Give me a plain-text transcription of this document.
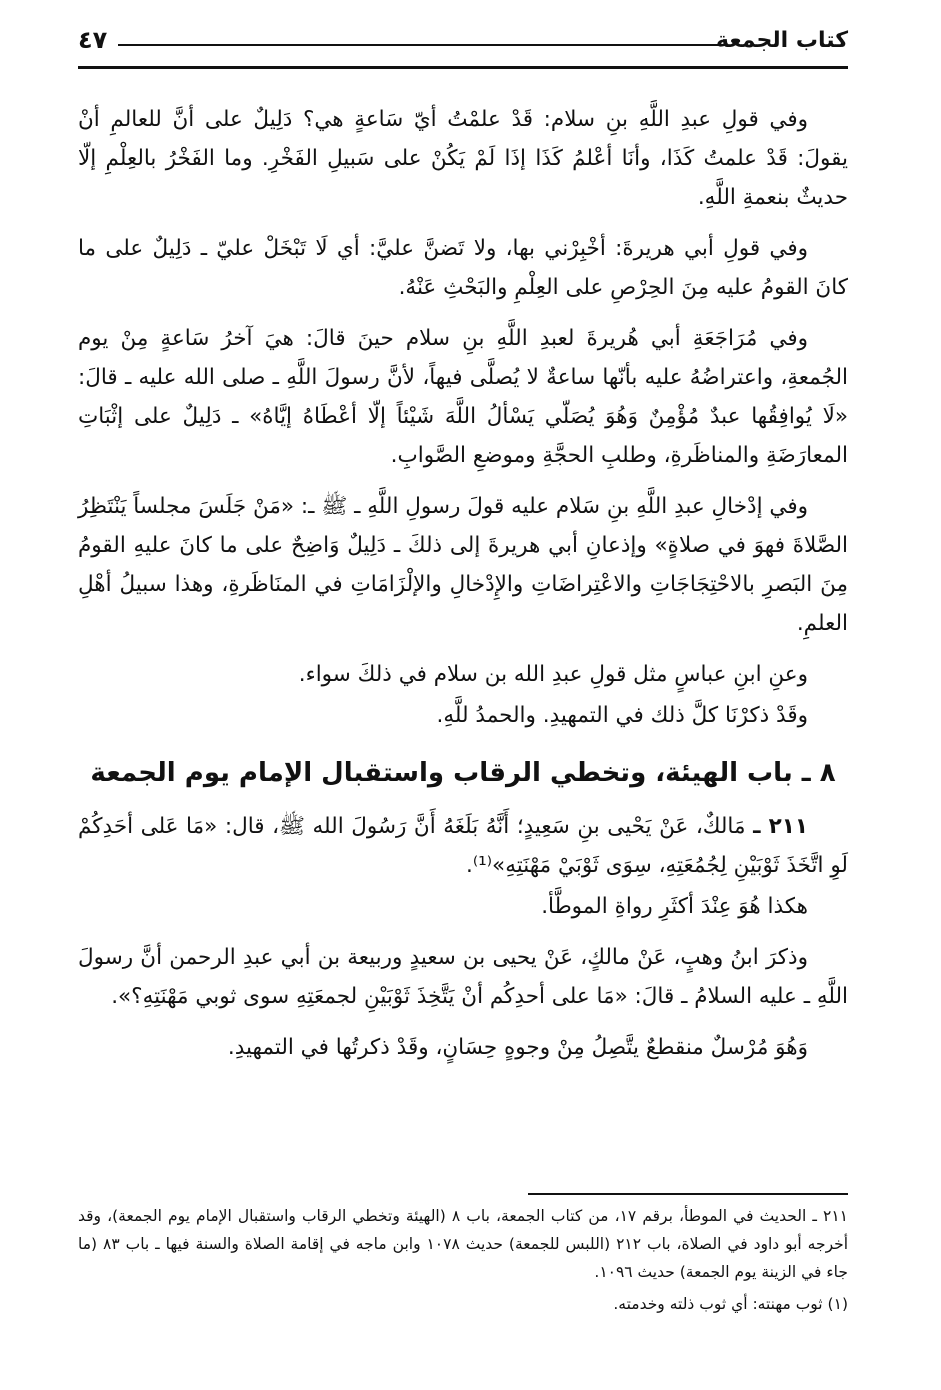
٤٧	كتاب الجمعة

وفي قولِ عبدِ اللَّهِ بنِ سلام: قَدْ علمْتُ أيّ سَاعةٍ هي؟ دَلِيلٌ على أنَّ للعالمِ أنْ يقولَ: قَدْ علمتُ كَذَا، وأنَا أعْلمُ كَذَا إذَا لَمْ يَكُنْ على سَبيلِ الفَخْرِ. وما الفَخْرُ بالعِلْمِ إلّا حديثٌ بنعمةِ اللَّهِ.

وفي قولِ أبي هريرةَ: أخْبِرْني بها، ولا تَضنَّ عليَّ: أي لَا تَبْخَلْ عليّ ـ دَلِيلٌ على ما كانَ القومُ عليه مِنَ الحِرْصِ على العِلْمِ والبَحْثِ عَنْهُ.

وفي مُرَاجَعَةِ أبي هُريرةَ لعبدِ اللَّهِ بنِ سلام حينَ قالَ: هيَ آخرُ سَاعةٍ مِنْ يوم الجُمعةِ، واعتراضُهُ عليه بأنّها ساعةٌ لا يُصلَّى فيهاً، لأنَّ رسولَ اللَّهِ ـ صلى الله عليه ـ قالَ: «لَا يُوافِقُها عبدٌ مُؤْمِنٌ وَهُوَ يُصَلّي يَسْألُ اللَّهَ شَيْئاً إلّا أعْطَاهُ إيَّاهُ» ـ دَلِيلٌ على إثْبَاتِ المعارَضَةِ والمناظَرةِ، وطلبِ الحجَّةِ وموضعِ الصَّوابِ.

وفي إدْخالِ عبدِ اللَّهِ بنِ سَلام عليه قولَ رسولِ اللَّهِ ـ ﷺ ـ: «مَنْ جَلَسَ مجلساً يَنْتَظِرُ الصَّلاةَ فهوَ في صلاةٍ» وإذعانِ أبي هريرةَ إلى ذلكَ ـ دَلِيلٌ وَاضِحٌ على ما كانَ عليهِ القومُ مِنَ البَصرِ بالاحْتِجَاجَاتِ والاعْتِراضَاتِ والإِدْخالِ والإلْزَامَاتِ في المنَاظَرةِ، وهذا سبيلُ أهْلِ العلمِ.

وعنِ ابنِ عباسٍ مثل قولِ عبدِ الله بن سلام في ذلكَ سواء.

وقَدْ ذكرْنَا كلَّ ذلك في التمهيدِ. والحمدُ للَّهِ.

٨ ـ باب الهيئة، وتخطي الرقاب واستقبال الإمام يوم الجمعة

٢١١ ـ مَالكٌ، عَنْ يَحْيى بنِ سَعِيدٍ؛ أَنَّهُ بَلَغَهُ أَنَّ رَسُولَ الله ﷺ، قال: «مَا عَلى أحَدِكُمْ لَوِ اتَّخَذَ ثَوْبَيْنِ لِجُمُعَتِهِ، سِوَى ثَوْبَيْ مَهْنَتِهِ»⁽¹⁾.

هكذا هُوَ عِنْدَ أكثَرِ رواةِ الموطَّأ.

وذكرَ ابنُ وهبٍ، عَنْ مالكٍ، عَنْ يحيى بن سعيدٍ وربيعة بن أبي عبدِ الرحمن أنَّ رسولَ اللَّهِ ـ عليه السلامُ ـ قالَ: «مَا على أحدِكُم أنْ يَتَّخِذَ ثَوْبَيْنِ لجمعَتِهِ سوى ثوبي مَهْنَتِهِ؟».

وَهُوَ مُرْسلٌ منقطعٌ يتَّصِلُ مِنْ وجوهٍ حِسَانٍ، وقَدْ ذكرتُها في التمهيدِ.

٢١١ ـ الحديث في الموطأ، برقم ١٧، من كتاب الجمعة، باب ٨ (الهيئة وتخطي الرقاب واستقبال الإمام يوم الجمعة)، وقد أخرجه أبو داود في الصلاة، باب ٢١٢ (اللبس للجمعة) حديث ١٠٧٨ وابن ماجه في إقامة الصلاة والسنة فيها ـ باب ٨٣ (ما جاء في الزينة يوم الجمعة) حديث ١٠٩٦.

(١) ثوب مهنته: أي ثوب ذلته وخدمته.
